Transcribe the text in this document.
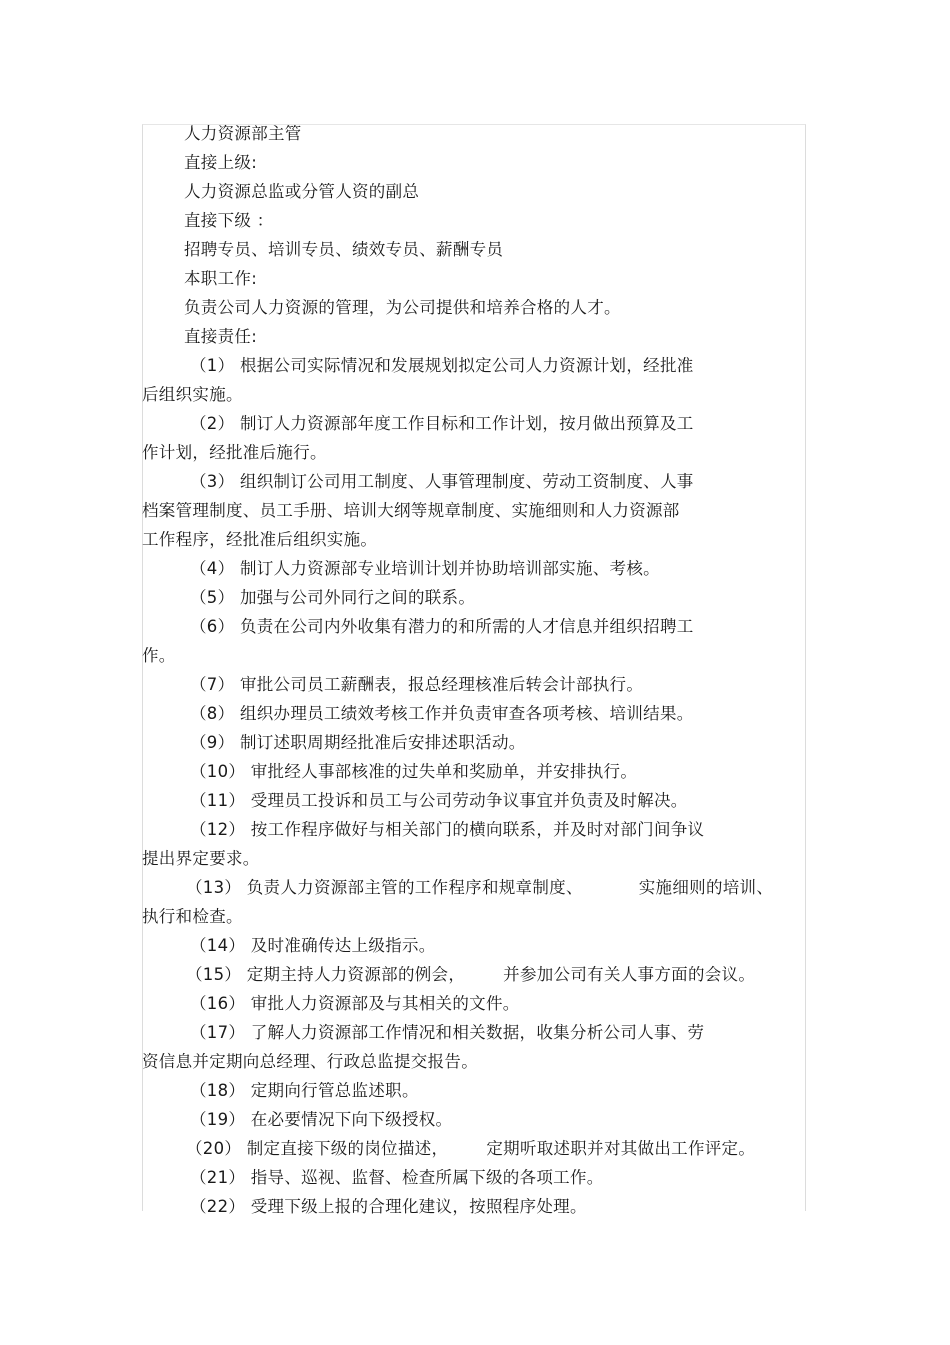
人力资源部主管
直接上级:
人力资源总监或分管人资的副总
直接下级 ：
招聘专员、培训专员、绩效专员、薪酬专员
本职工作:
负责公司人力资源的管理，为公司提供和培养合格的人才。
直接责任:
（1） 根据公司实际情况和发展规划拟定公司人力资源计划，经批准
后组织实施。
（2） 制订人力资源部年度工作目标和工作计划，按月做出预算及工
作计划，经批准后施行。
（3） 组织制订公司用工制度、人事管理制度、劳动工资制度、人事
档案管理制度、员工手册、培训大纲等规章制度、实施细则和人力资源部
工作程序，经批准后组织实施。
（4） 制订人力资源部专业培训计划并协助培训部实施、考核。
（5） 加强与公司外同行之间的联系。
（6） 负责在公司内外收集有潜力的和所需的人才信息并组织招聘工
作。
（7） 审批公司员工薪酬表，报总经理核准后转会计部执行。
（8） 组织办理员工绩效考核工作并负责审查各项考核、培训结果。
（9） 制订述职周期经批准后安排述职活动。
（10） 审批经人事部核准的过失单和奖励单，并安排执行。
（11） 受理员工投诉和员工与公司劳动争议事宜并负责及时解决。
（12） 按工作程序做好与相关部门的横向联系，并及时对部门间争议
提出界定要求。
（13） 负责人力资源部主管的工作程序和规章制度、	实施细则的培训、
执行和检查。
（14） 及时准确传达上级指示。
（15） 定期主持人力资源部的例会， 并参加公司有关人事方面的会议。
（16） 审批人力资源部及与其相关的文件。
（17） 了解人力资源部工作情况和相关数据，收集分析公司人事、劳
资信息并定期向总经理、行政总监提交报告。
（18） 定期向行管总监述职。
（19） 在必要情况下向下级授权。
（20） 制定直接下级的岗位描述， 定期听取述职并对其做出工作评定。
（21） 指导、巡视、监督、检查所属下级的各项工作。
（22） 受理下级上报的合理化建议，按照程序处理。
